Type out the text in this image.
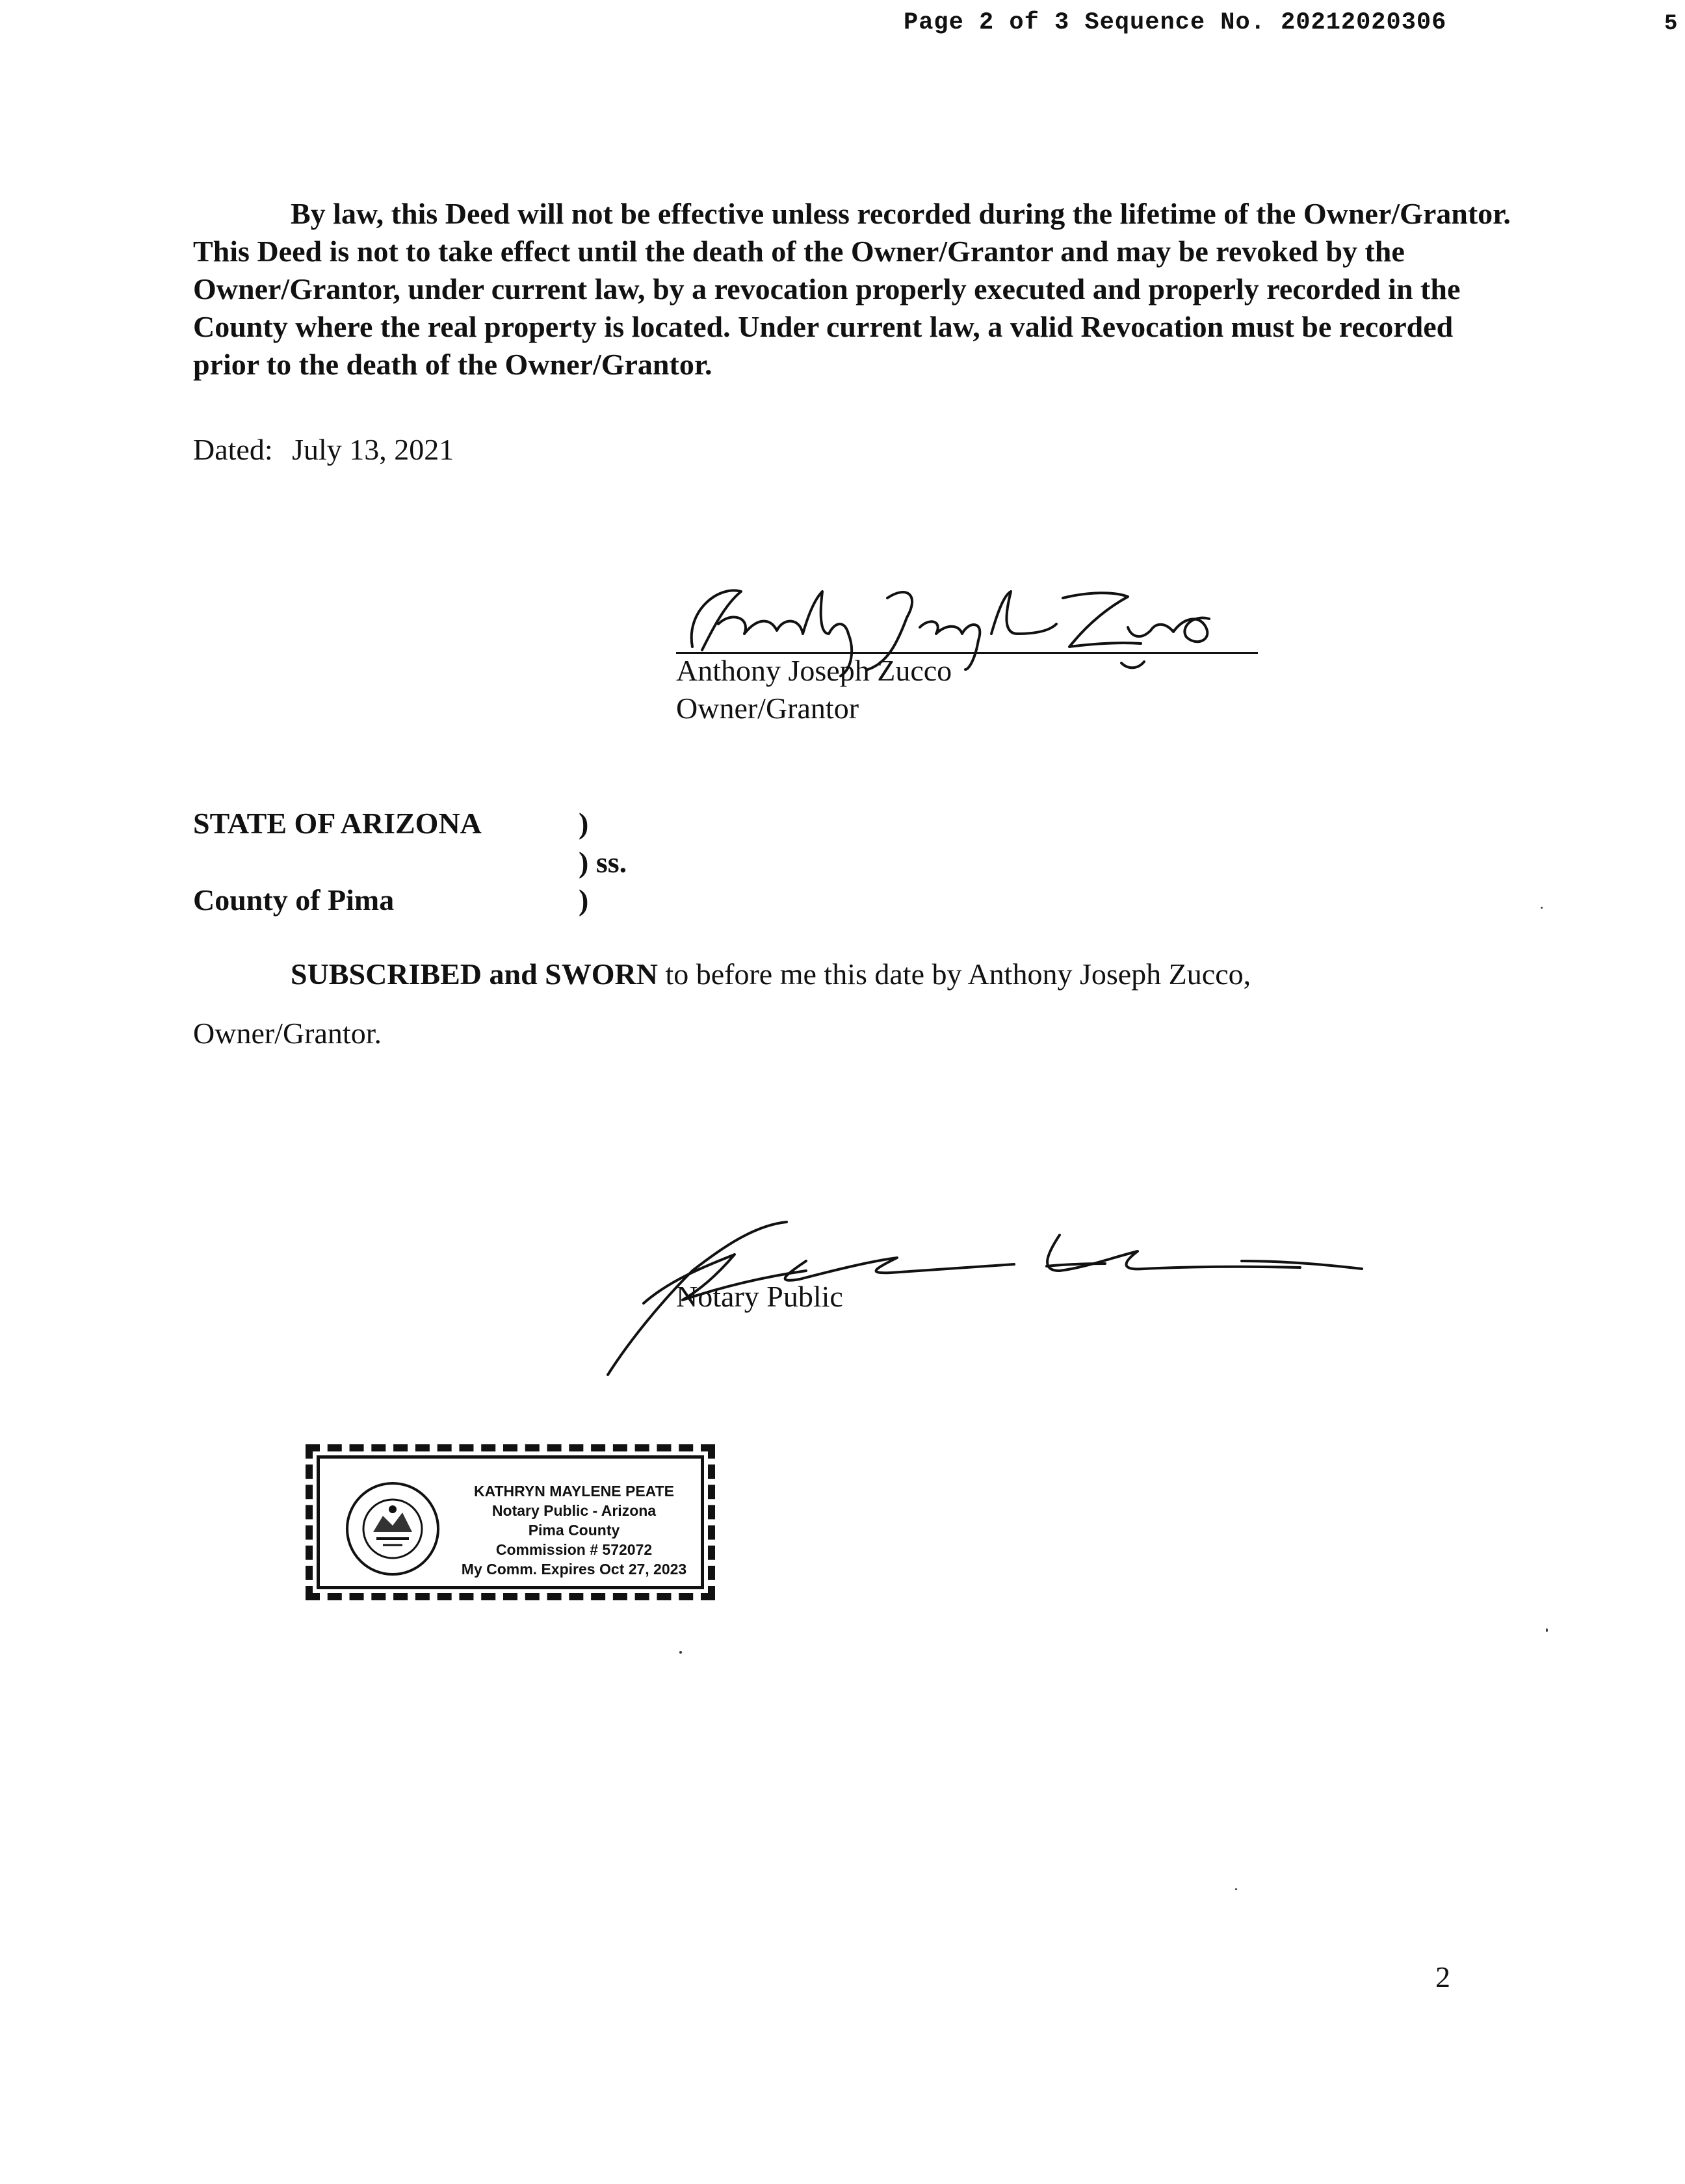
Page 2 of 3 Sequence No. 20212020306	5
By law, this Deed will not be effective unless recorded during the lifetime of the Owner/Grantor. This Deed is not to take effect until the death of the Owner/Grantor and may be revoked by the Owner/Grantor, under current law, by a revocation properly executed and properly recorded in the County where the real property is located. Under current law, a valid Revocation must be recorded prior to the death of the Owner/Grantor.
Dated: July 13, 2021
Anthony Joseph Zucco
Owner/Grantor
STATE OF ARIZONA	)
) ss.
County of Pima	)
SUBSCRIBED and SWORN to before me this date by Anthony Joseph Zucco,
Owner/Grantor.
Notary Public
KATHRYN MAYLENE PEATE
Notary Public - Arizona
Pima County
Commission # 572072
My Comm. Expires Oct 27, 2023
2
